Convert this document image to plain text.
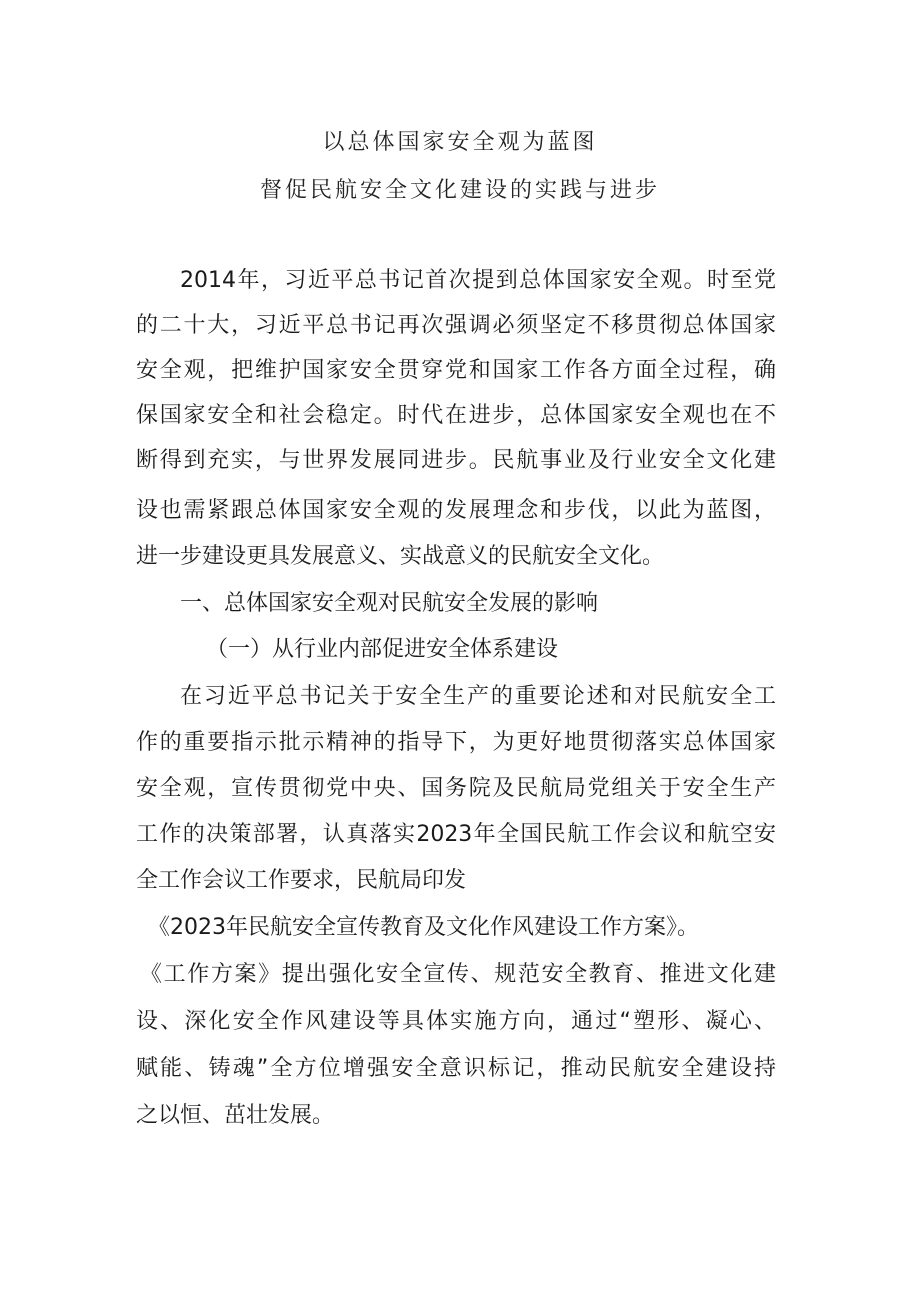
以总体国家安全观为蓝图
督促民航安全文化建设的实践与进步
2014年，习近平总书记首次提到总体国家安全观。时至党
的二十大，习近平总书记再次强调必须坚定不移贯彻总体国家
安全观，把维护国家安全贯穿党和国家工作各方面全过程，确
保国家安全和社会稳定。时代在进步，总体国家安全观也在不
断得到充实，与世界发展同进步。民航事业及行业安全文化建
设也需紧跟总体国家安全观的发展理念和步伐，以此为蓝图，
进一步建设更具发展意义、实战意义的民航安全文化。
一、总体国家安全观对民航安全发展的影响
（一）从行业内部促进安全体系建设
在习近平总书记关于安全生产的重要论述和对民航安全工
作的重要指示批示精神的指导下，为更好地贯彻落实总体国家
安全观，宣传贯彻党中央、国务院及民航局党组关于安全生产
工作的决策部署，认真落实2023年全国民航工作会议和航空安
全工作会议工作要求，民航局印发
《2023年民航安全宣传教育及文化作风建设工作方案》。
《工作方案》提出强化安全宣传、规范安全教育、推进文化建
设、深化安全作风建设等具体实施方向，通过“塑形、凝心、
赋能、铸魂”全方位增强安全意识标记，推动民航安全建设持
之以恒、茁壮发展。
